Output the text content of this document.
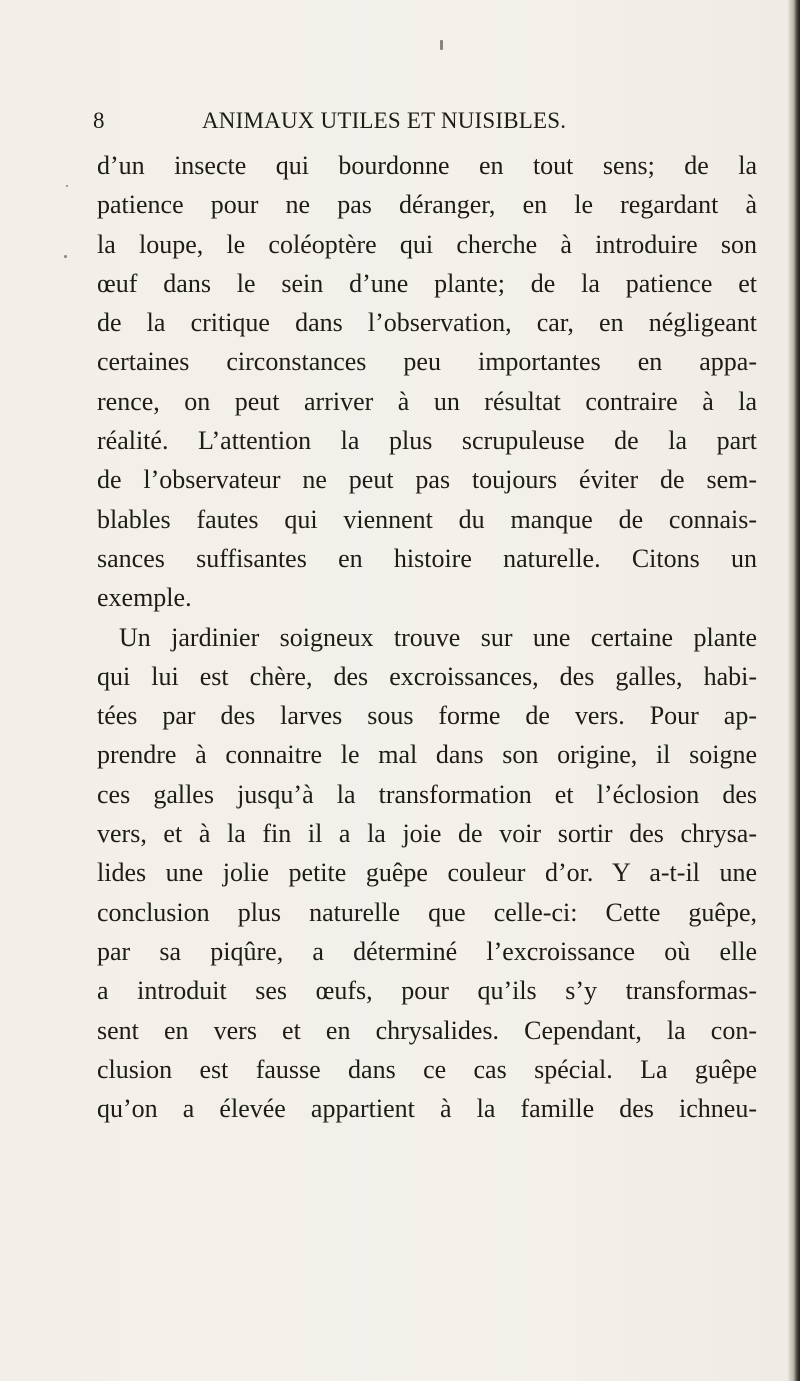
8	ANIMAUX UTILES ET NUISIBLES.
d’un insecte qui bourdonne en tout sens; de la
patience pour ne pas déranger, en le regardant à
la loupe, le coléoptère qui cherche à introduire son
œuf dans le sein d’une plante; de la patience et
de la critique dans l’observation, car, en négligeant
certaines circonstances peu importantes en appa-
rence, on peut arriver à un résultat contraire à la
réalité. L’attention la plus scrupuleuse de la part
de l’observateur ne peut pas toujours éviter de sem-
blables fautes qui viennent du manque de connais-
sances suffisantes en histoire naturelle. Citons un
exemple.
Un jardinier soigneux trouve sur une certaine plante
qui lui est chère, des excroissances, des galles, habi-
tées par des larves sous forme de vers. Pour ap-
prendre à connaitre le mal dans son origine, il soigne
ces galles jusqu’à la transformation et l’éclosion des
vers, et à la fin il a la joie de voir sortir des chrysa-
lides une jolie petite guêpe couleur d’or. Y a-t-il une
conclusion plus naturelle que celle-ci: Cette guêpe,
par sa piqûre, a déterminé l’excroissance où elle
a introduit ses œufs, pour qu’ils s’y transformas-
sent en vers et en chrysalides. Cependant, la con-
clusion est fausse dans ce cas spécial. La guêpe
qu’on a élevée appartient à la famille des ichneu-
